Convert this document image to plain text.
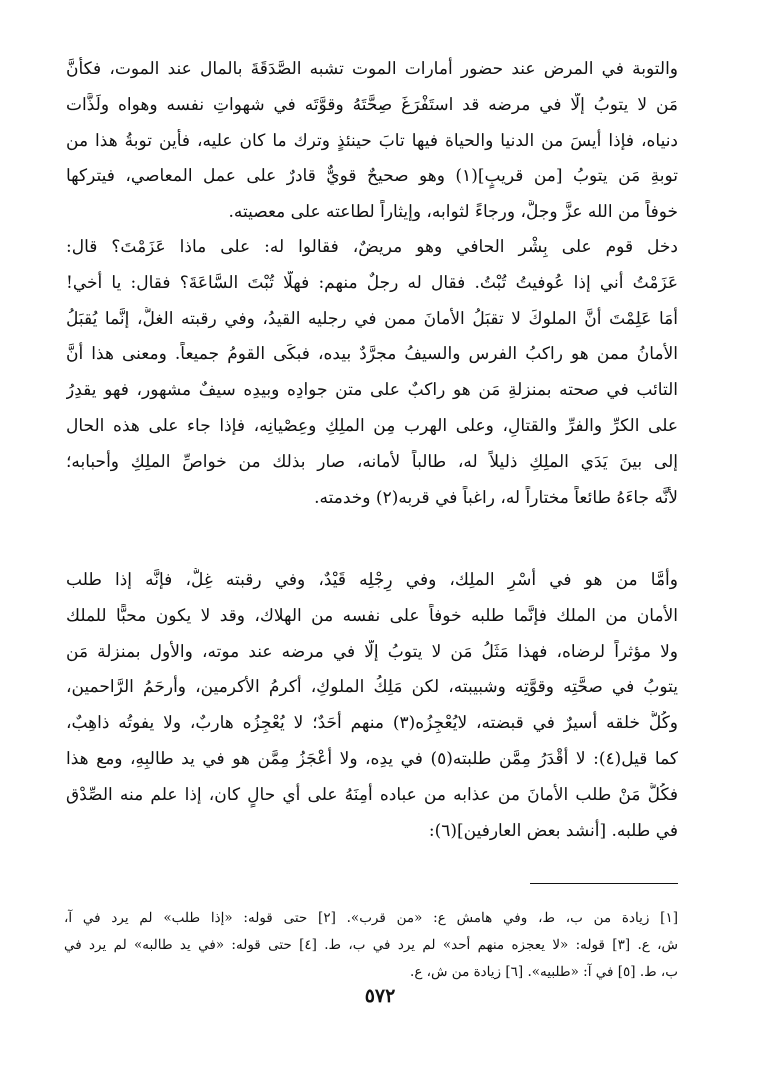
والتوبة في المرض عند حضور أمارات الموت تشبه الصَّدَقَةَ بالمال عند الموت، فكأنَّ
مَن لا يتوبُ إلَّا في مرضه قد استَفْرَغَ صِحَّتَهُ وقوَّتَه في شهواتِ نفسه وهواه ولَذَّات
دنياه، فإذا أيسَ من الدنيا والحياة فيها تابَ حينئذٍ وترك ما كان عليه، فأين توبةُ هذا من
توبةِ مَن يتوبُ [من قريبٍ](١) وهو صحيحٌ قويٌّ قادرٌ على عمل المعاصي، فيتركها
خوفاً من الله عزَّ وجلَّ، ورجاءً لثوابه، وإيثاراً لطاعته على معصيته.
دخل قوم على بِشْر الحافي وهو مريضٌ، فقالوا له: على ماذا عَزَمْتَ؟ قال:
عَزَمْتُ أني إذا عُوفيتُ تُبْتُ. فقال له رجلٌ منهم: فهلَّا تُبْتَ السَّاعَةَ؟ فقال: يا أخي!
أَمَا عَلِمْتَ أنَّ الملوكَ لا تقبَلُ الأمانَ ممن في رجليه القيدُ، وفي رقبته الغلُّ، إنَّما يُقبَلُ
الأمانُ ممن هو راكبُ الفرس والسيفُ مجرَّدٌ بيده، فبكَى القومُ جميعاً. ومعنى هذا أنَّ
التائب في صحته بمنزلةِ مَن هو راكبٌ على متن جوادِه وبيدِه سيفٌ مشهور، فهو يقدِرُ
على الكرِّ والفرِّ والقتالِ، وعلى الهرب مِن الملِكِ وعِصْيانِه، فإذا جاء على هذه الحال
إلى بينَ يَدَي الملِكِ ذليلاً له، طالباً لأمانه، صار بذلك من خواصِّ الملِكِ وأحبابه؛
لأنَّه جاءَهُ طائعاً مختاراً له، راغباً في قربه(٢) وخدمته.
وأمَّا من هو في أَسْرِ الملِك، وفي رِجْلِه قَيْدٌ، وفي رقبته غِلٌّ، فإنَّه إذا طلب
الأمان من الملك فإنَّما طلبه خوفاً على نفسه من الهلاك، وقد لا يكون محبًّا للملك
ولا مؤثراً لرضاه، فهذا مَثَلُ مَن لا يتوبُ إلَّا في مرضه عند موته، والأول بمنزلة مَن
يتوبُ في صحَّتِه وقوَّتِه وشبيبته، لكن مَلِكُ الملوكِ، أكرمُ الأكرمين، وأرحَمُ الرَّاحمين،
وكُلُّ خلقه أسيرٌ في قبضته، لايُعْجِزُه(٣) منهم أحَدٌ؛ لا يُعْجِزُه هاربٌ، ولا يفوتُه ذاهِبٌ،
كما قيل(٤): لا أَقْدَرُ مِمَّن طلبته(٥) في يدِه، ولا أَعْجَزُ مِمَّن هو في يد طالبِهِ، ومع هذا
فكُلُّ مَنْ طلب الأمانَ من عذابه من عباده أَمِنَهُ على أي حالٍ كان، إذا علم منه الصِّدْق
في طلبه. [أنشد بعض العارفين](٦):
[١] زيادة من ب، ط، وفي هامش ع: «من قرب». [٢] حتى قوله: «إذا طلب» لم يرد في آ،
ش، ع. [٣] قوله: «لا يعجزه منهم أحد» لم يرد في ب، ط. [٤] حتى قوله: «في يد طالبه» لم يرد في
ب، ط. [٥] في آ: «طلبيه». [٦] زيادة من ش، ع.
٥٧٢
